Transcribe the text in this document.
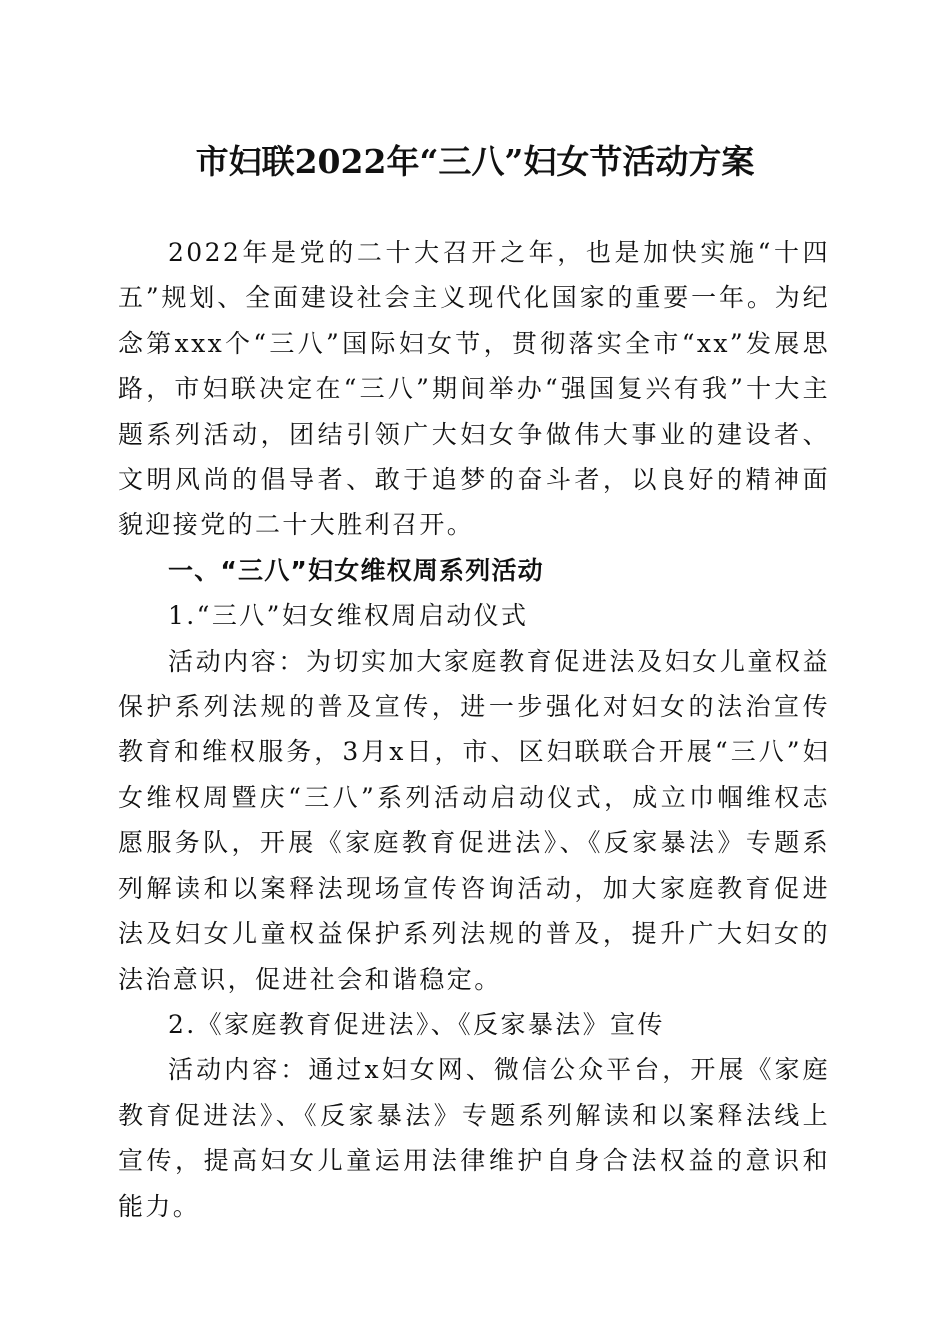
市妇联2022年“三八”妇女节活动方案

2022年是党的二十大召开之年，也是加快实施“十四五”规划、全面建设社会主义现代化国家的重要一年。为纪念第xxx个“三八”国际妇女节，贯彻落实全市“xx”发展思路，市妇联决定在“三八”期间举办“强国复兴有我”十大主题系列活动，团结引领广大妇女争做伟大事业的建设者、文明风尚的倡导者、敢于追梦的奋斗者，以良好的精神面貌迎接党的二十大胜利召开。

一、“三八”妇女维权周系列活动

1.“三八”妇女维权周启动仪式

活动内容：为切实加大家庭教育促进法及妇女儿童权益保护系列法规的普及宣传，进一步强化对妇女的法治宣传教育和维权服务，3月x日，市、区妇联联合开展“三八”妇女维权周暨庆“三八”系列活动启动仪式，成立巾帼维权志愿服务队，开展《家庭教育促进法》、《反家暴法》专题系列解读和以案释法现场宣传咨询活动，加大家庭教育促进法及妇女儿童权益保护系列法规的普及，提升广大妇女的法治意识，促进社会和谐稳定。

2.《家庭教育促进法》、《反家暴法》宣传

活动内容：通过x妇女网、微信公众平台，开展《家庭教育促进法》、《反家暴法》专题系列解读和以案释法线上宣传，提高妇女儿童运用法律维护自身合法权益的意识和能力。
